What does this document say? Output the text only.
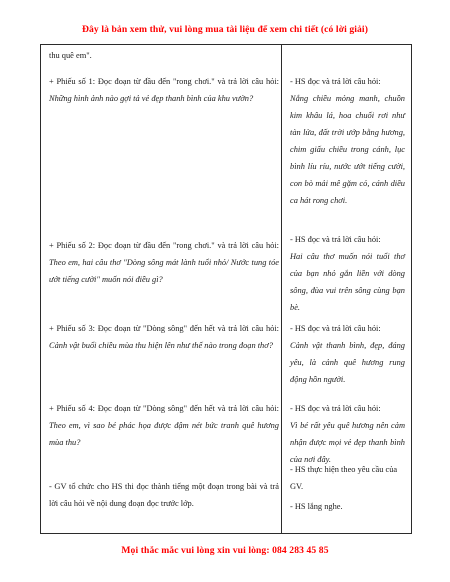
Đây là bản xem thử, vui lòng mua tài liệu để xem chi tiết (có lời giải)

thu quê em".

+ Phiếu số 1: Đọc đoạn từ đầu đến "rong chơi." và trả lời câu hỏi: Những hình ảnh nào gợi tả vẻ đẹp thanh bình của khu vườn?

+ Phiếu số 2: Đọc đoạn từ đầu đến "rong chơi." và trả lời câu hỏi: Theo em, hai câu thơ "Dòng sông mát lành tuổi nhỏ/ Nước tung tóe ướt tiếng cười" muốn nói điều gì?

+ Phiếu số 3: Đọc đoạn từ "Dòng sông" đến hết và trả lời câu hỏi: Cảnh vật buổi chiều mùa thu hiện lên như thế nào trong đoạn thơ?

+ Phiếu số 4: Đọc đoạn từ "Dòng sông" đến hết và trả lời câu hỏi: Theo em, vì sao bé phác họa được đậm nét bức tranh quê hương mùa thu?

- GV tổ chức cho HS thi đọc thành tiếng một đoạn trong bài và trả lời câu hỏi về nội dung đoạn đọc trước lớp.

- HS đọc và trả lời câu hỏi:

Nắng chiều mỏng manh, chuồn kim khâu lá, hoa chuối rơi như tàn lửa, đất trời ướp bằng hương, chim giấu chiều trong cánh, lục bình líu ríu, nước ướt tiếng cười, con bò mải mê gặm cỏ, cánh diều ca hát rong chơi.

- HS đọc và trả lời câu hỏi:

Hai câu thơ muốn nói tuổi thơ của bạn nhỏ gắn liền với dòng sông, đùa vui trên sông cùng bạn bè.

- HS đọc và trả lời câu hỏi:

Cảnh vật thanh bình, đẹp, đáng yêu, là cảnh quê hương rung động hồn người.

- HS đọc và trả lời câu hỏi:

Vì bé rất yêu quê hương nên cảm nhận được mọi vẻ đẹp thanh bình của nơi đây.

- HS thực hiện theo yêu cầu của GV.

- HS lắng nghe.

Mọi thắc mắc vui lòng xin vui lòng: 084 283 45 85
